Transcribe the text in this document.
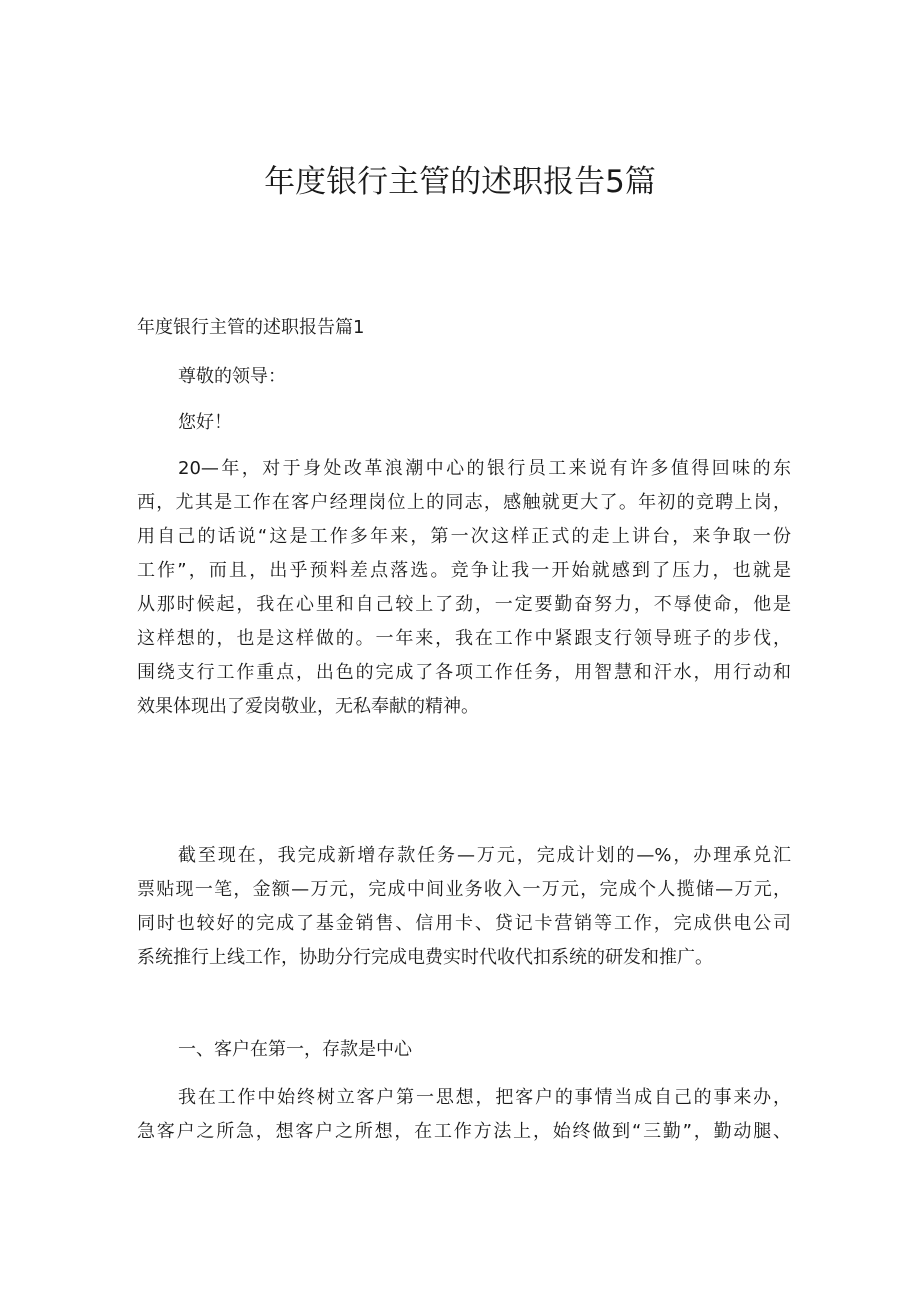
年度银行主管的述职报告5篇
年度银行主管的述职报告篇1

尊敬的领导：

您好！

20—年，对于身处改革浪潮中心的银行员工来说有许多值得回味的东
西，尤其是工作在客户经理岗位上的同志，感触就更大了。年初的竞聘上岗，
用自己的话说“这是工作多年来，第一次这样正式的走上讲台，来争取一份
工作”，而且，出乎预料差点落选。竞争让我一开始就感到了压力，也就是
从那时候起，我在心里和自己较上了劲，一定要勤奋努力，不辱使命，他是
这样想的，也是这样做的。一年来，我在工作中紧跟支行领导班子的步伐，
围绕支行工作重点，出色的完成了各项工作任务，用智慧和汗水，用行动和
效果体现出了爱岗敬业，无私奉献的精神。

截至现在，我完成新增存款任务—万元，完成计划的—%，办理承兑汇
票贴现一笔，金额—万元，完成中间业务收入一万元，完成个人揽储—万元，
同时也较好的完成了基金销售、信用卡、贷记卡营销等工作，完成供电公司
系统推行上线工作，协助分行完成电费实时代收代扣系统的研发和推广。

一、客户在第一，存款是中心

我在工作中始终树立客户第一思想，把客户的事情当成自己的事来办，
急客户之所急，想客户之所想，在工作方法上，始终做到“三勤”，勤动腿、
